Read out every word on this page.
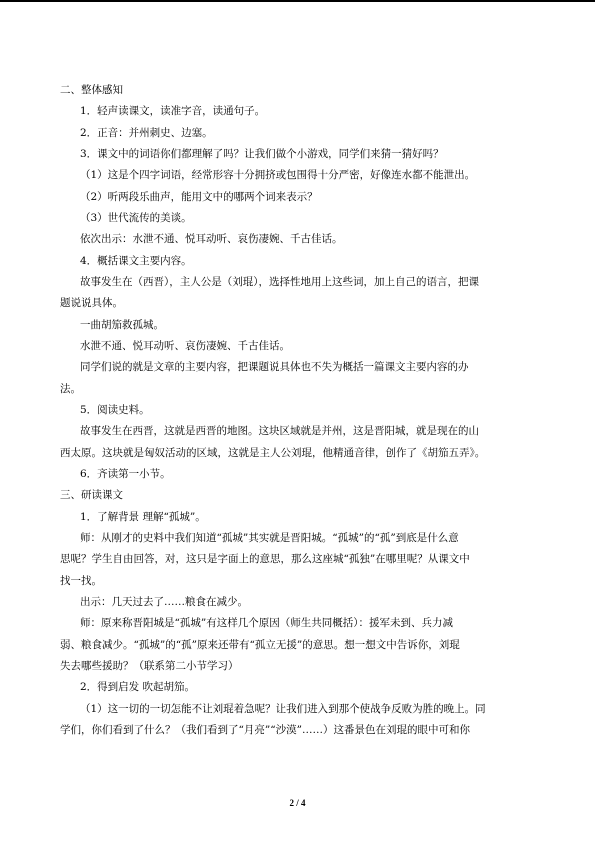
二、整体感知
1．轻声读课文，读准字音，读通句子。
2．正音：并州刺史、边塞。
3．课文中的词语你们都理解了吗？让我们做个小游戏，同学们来猜一猜好吗？
（1）这是个四字词语，经常形容十分拥挤或包围得十分严密，好像连水都不能泄出。
（2）听两段乐曲声，能用文中的哪两个词来表示？
（3）世代流传的美谈。
依次出示：水泄不通、悦耳动听、哀伤凄婉、千古佳话。
4．概括课文主要内容。
故事发生在（西晋），主人公是（刘琨），选择性地用上这些词，加上自己的语言，把课
题说说具体。
一曲胡笳救孤城。
水泄不通、悦耳动听、哀伤凄婉、千古佳话。
同学们说的就是文章的主要内容，把课题说具体也不失为概括一篇课文主要内容的办
法。
5．阅读史料。
故事发生在西晋，这就是西晋的地图。这块区域就是并州，这是晋阳城，就是现在的山
西太原。这块就是匈奴活动的区域，这就是主人公刘琨，他精通音律，创作了《胡笳五弄》。
6．齐读第一小节。
三、研读课文
1．了解背景 理解“孤城”。
师：从刚才的史料中我们知道“孤城”其实就是晋阳城。“孤城”的“孤”到底是什么意
思呢？学生自由回答，对，这只是字面上的意思，那么这座城“孤独”在哪里呢？从课文中
找一找。
出示：几天过去了……粮食在减少。
师：原来称晋阳城是“孤城”有这样几个原因（师生共同概括）：援军未到、兵力减
弱、粮食减少。“孤城”的“孤”原来还带有“孤立无援”的意思。想一想文中告诉你，刘琨
失去哪些援助？（联系第二小节学习）
2．得到启发 吹起胡笳。
（1）这一切的一切怎能不让刘琨着急呢？让我们进入到那个使战争反败为胜的晚上。同
学们，你们看到了什么？（我们看到了“月亮”“沙漠”……）这番景色在刘琨的眼中可和你
2 / 4
